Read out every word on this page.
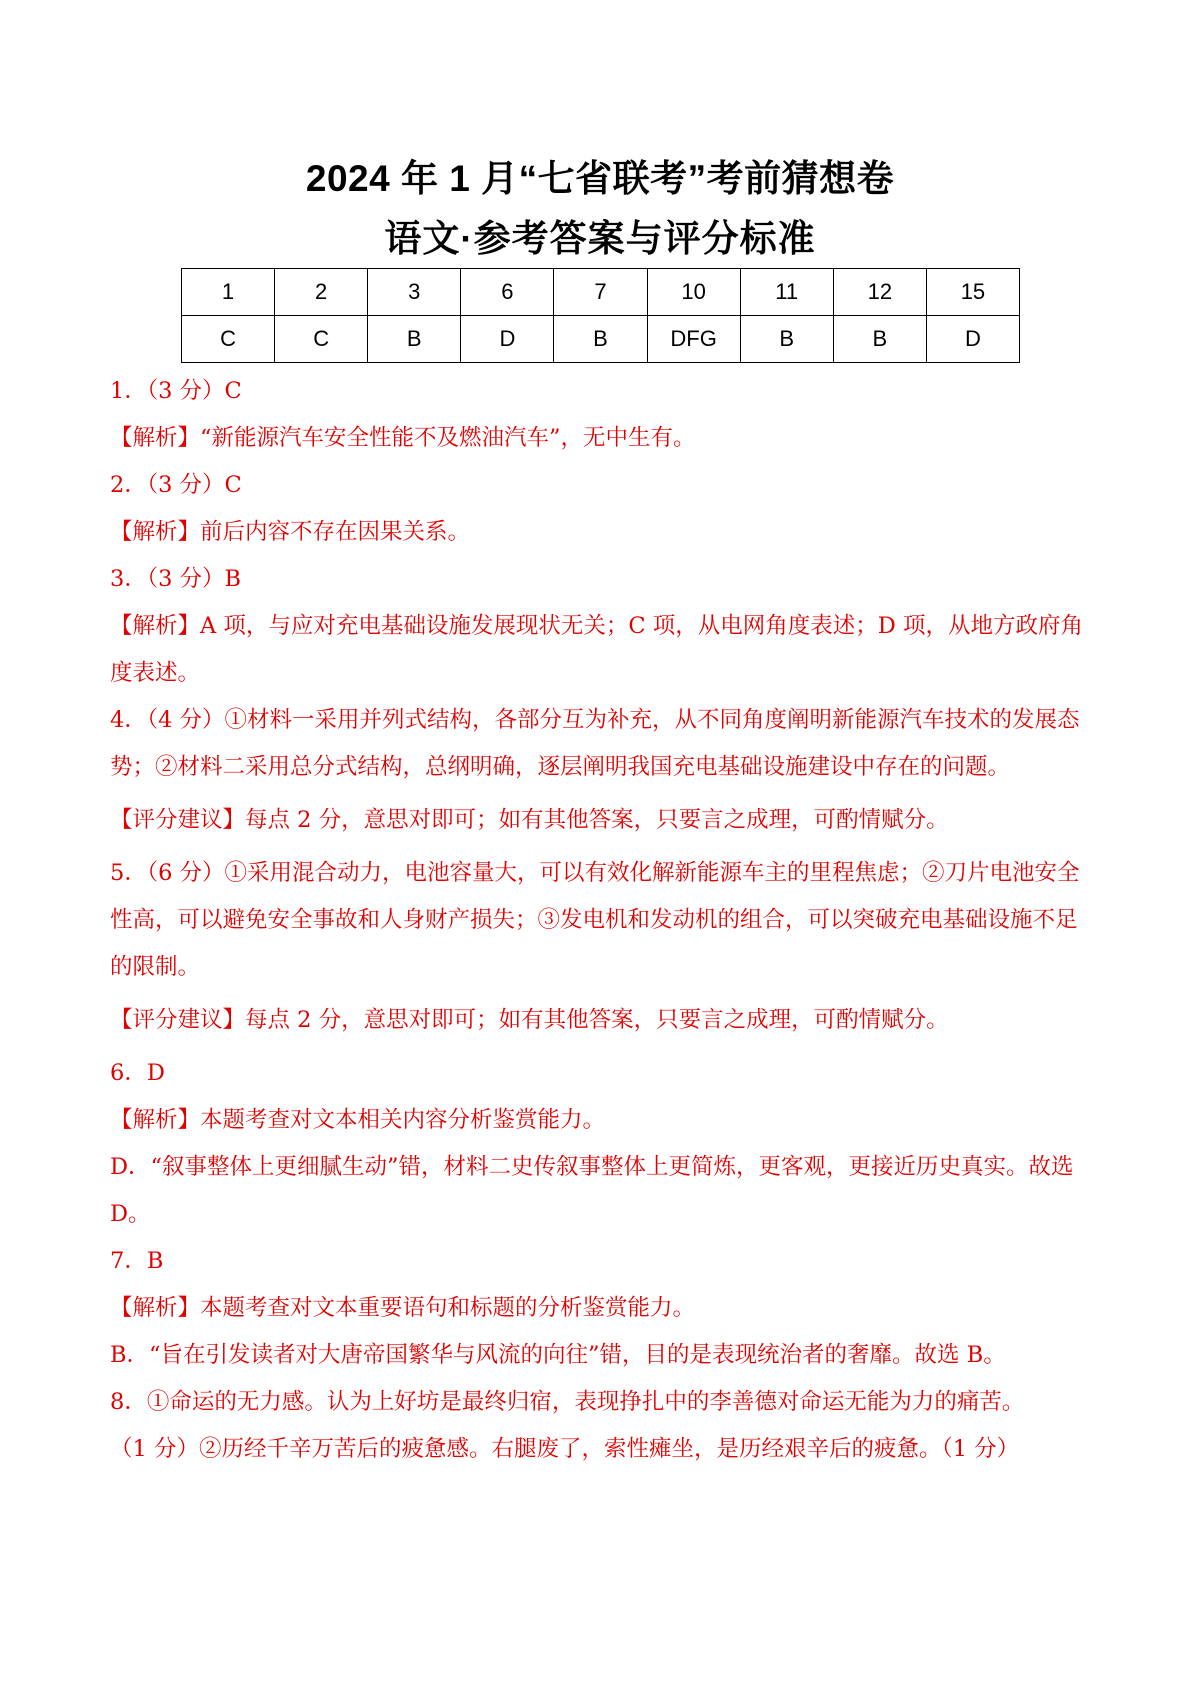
2024 年 1 月“七省联考”考前猜想卷
语文·参考答案与评分标准
1	2	3	6	7	10	11	12	15
C	C	B	D	B	DFG	B	B	D

1．（3 分）C

【解析】“新能源汽车安全性能不及燃油汽车”，无中生有。

2．（3 分）C

【解析】前后内容不存在因果关系。

3．（3 分）B

【解析】A 项，与应对充电基础设施发展现状无关；C 项，从电网角度表述；D 项，从地方政府角度表述。

4．（4 分）①材料一采用并列式结构，各部分互为补充，从不同角度阐明新能源汽车技术的发展态势；②材料二采用总分式结构，总纲明确，逐层阐明我国充电基础设施建设中存在的问题。

【评分建议】每点 2 分，意思对即可；如有其他答案，只要言之成理，可酌情赋分。

5．（6 分）①采用混合动力，电池容量大，可以有效化解新能源车主的里程焦虑；②刀片电池安全性高，可以避免安全事故和人身财产损失；③发电机和发动机的组合，可以突破充电基础设施不足的限制。

【评分建议】每点 2 分，意思对即可；如有其他答案，只要言之成理，可酌情赋分。

6．D

【解析】本题考查对文本相关内容分析鉴赏能力。

D．“叙事整体上更细腻生动”错，材料二史传叙事整体上更简炼，更客观，更接近历史真实。故选 D。

7．B

【解析】本题考查对文本重要语句和标题的分析鉴赏能力。

B．“旨在引发读者对大唐帝国繁华与风流的向往”错，目的是表现统治者的奢靡。故选 B。

8．①命运的无力感。认为上好坊是最终归宿，表现挣扎中的李善德对命运无能为力的痛苦。

（1 分）②历经千辛万苦后的疲惫感。右腿废了，索性瘫坐，是历经艰辛后的疲惫。（1 分）
